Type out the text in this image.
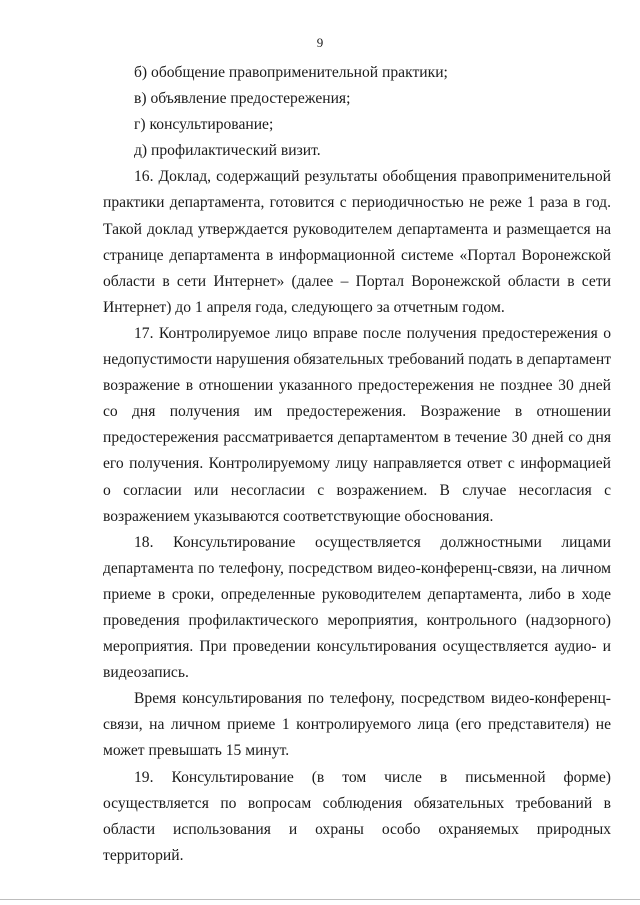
9

б) обобщение правоприменительной практики;

в) объявление предостережения;

г) консультирование;

д) профилактический визит.

16. Доклад, содержащий результаты обобщения правоприменительной практики департамента, готовится с периодичностью не реже 1 раза в год. Такой доклад утверждается руководителем департамента и размещается на странице департамента в информационной системе «Портал Воронежской области в сети Интернет» (далее – Портал Воронежской области в сети Интернет) до 1 апреля года, следующего за отчетным годом.

17. Контролируемое лицо вправе после получения предостережения о недопустимости нарушения обязательных требований подать в департамент возражение в отношении указанного предостережения не позднее 30 дней со дня получения им предостережения. Возражение в отношении предостережения рассматривается департаментом в течение 30 дней со дня его получения. Контролируемому лицу направляется ответ с информацией о согласии или несогласии с возражением. В случае несогласия с возражением указываются соответствующие обоснования.

18. Консультирование осуществляется должностными лицами департамента по телефону, посредством видео-конференц-связи, на личном приеме в сроки, определенные руководителем департамента, либо в ходе проведения профилактического мероприятия, контрольного (надзорного) мероприятия. При проведении консультирования осуществляется аудио- и видеозапись.

Время консультирования по телефону, посредством видео-конференц-связи, на личном приеме 1 контролируемого лица (его представителя) не может превышать 15 минут.

19. Консультирование (в том числе в письменной форме) осуществляется по вопросам соблюдения обязательных требований в области использования и охраны особо охраняемых природных территорий.
